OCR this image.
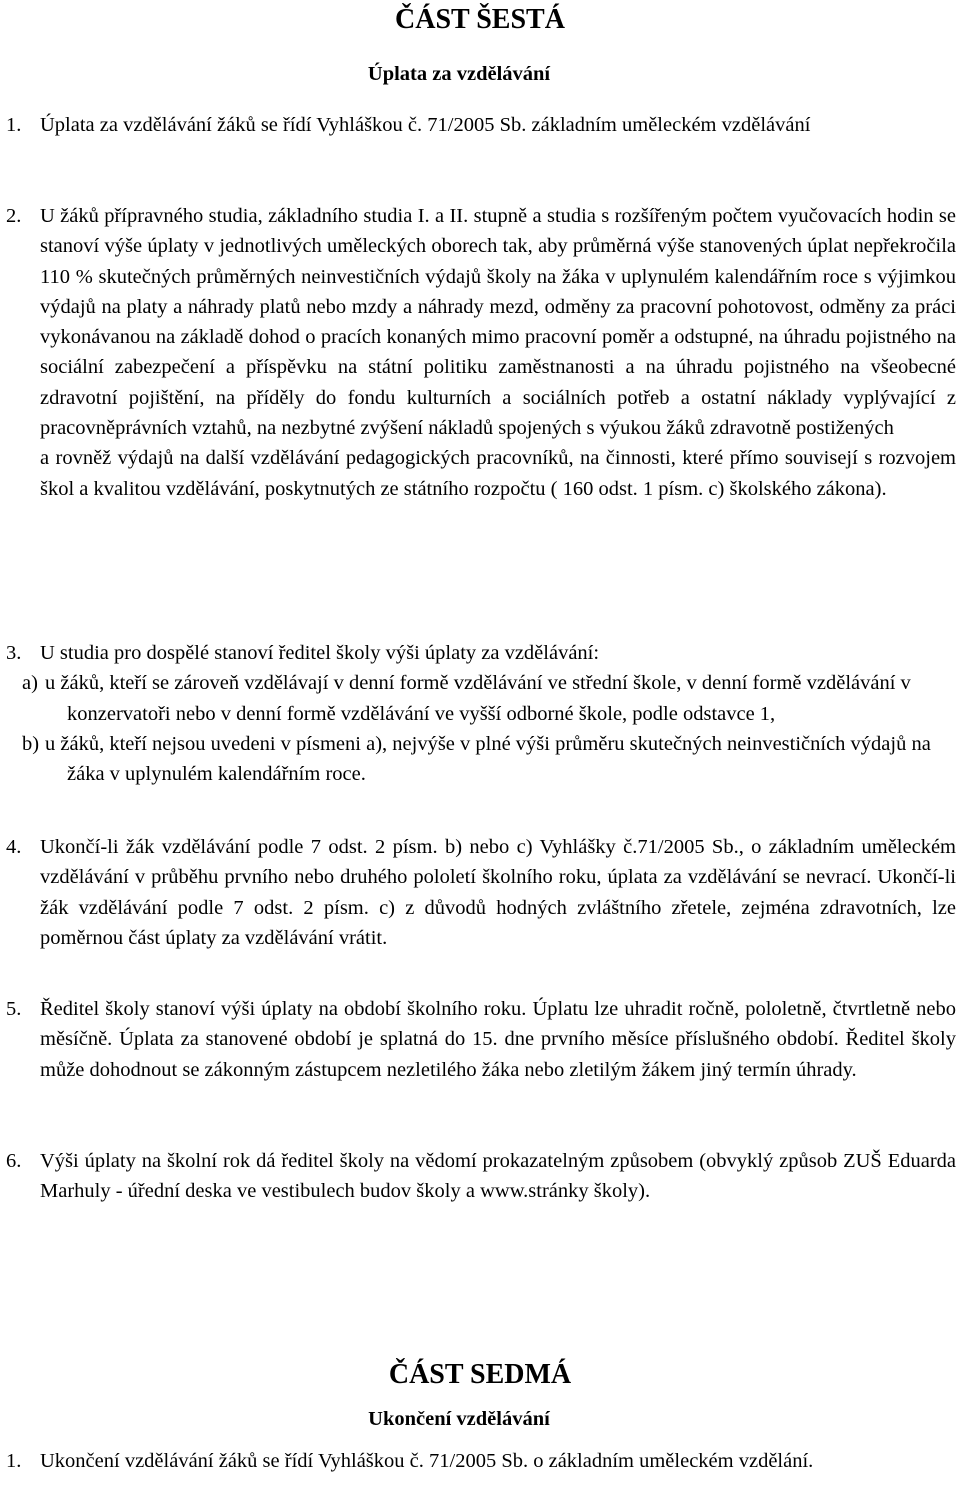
ČÁST ŠESTÁ
Úplata za vzdělávání
1. Úplata za vzdělávání žáků se řídí Vyhláškou č. 71/2005 Sb. základním uměleckém vzdělávání

2. U žáků přípravného studia, základního studia I. a II. stupně a studia s rozšířeným počtem vyučovacích hodin se stanoví výše úplaty v jednotlivých uměleckých oborech tak, aby průměrná výše stanovených úplat nepřekročila 110 % skutečných průměrných neinvestičních výdajů školy na žáka v uplynulém kalendářním roce s výjimkou výdajů na platy a náhrady platů nebo mzdy a náhrady mezd, odměny za pracovní pohotovost, odměny za práci vykonávanou na základě dohod o pracích konaných mimo pracovní poměr a odstupné, na úhradu pojistného na sociální zabezpečení a příspěvku na státní politiku zaměstnanosti a na úhradu pojistného na všeobecné zdravotní pojištění, na příděly do fondu kulturních a sociálních potřeb a ostatní náklady vyplývající z pracovněprávních vztahů, na nezbytné zvýšení nákladů spojených s výukou žáků zdravotně postižených

a rovněž výdajů na další vzdělávání pedagogických pracovníků, na činnosti, které přímo souvisejí s rozvojem škol a kvalitou vzdělávání, poskytnutých ze státního rozpočtu ( 160 odst. 1 písm. c) školského zákona).

3. U studia pro dospělé stanoví ředitel školy výši úplaty za vzdělávání:

a) u žáků, kteří se zároveň vzdělávají v denní formě vzdělávání ve střední škole, v denní formě vzdělávání v konzervatoři nebo v denní formě vzdělávání ve vyšší odborné škole, podle odstavce 1,

b) u žáků, kteří nejsou uvedeni v písmeni a), nejvýše v plné výši průměru skutečných neinvestičních výdajů na žáka v uplynulém kalendářním roce.

4. Ukončí-li žák vzdělávání podle 7 odst. 2 písm. b) nebo c) Vyhlášky č.71/2005 Sb., o základním uměleckém vzdělávání v průběhu prvního nebo druhého pololetí školního roku, úplata za vzdělávání se nevrací. Ukončí-li žák vzdělávání podle 7 odst. 2 písm. c) z důvodů hodných zvláštního zřetele, zejména zdravotních, lze poměrnou část úplaty za vzdělávání vrátit.

5. Ředitel školy stanoví výši úplaty na období školního roku. Úplatu lze uhradit ročně, pololetně, čtvrtletně nebo měsíčně. Úplata za stanovené období je splatná do 15. dne prvního měsíce příslušného období. Ředitel školy může dohodnout se zákonným zástupcem nezletilého žáka nebo zletilým žákem jiný termín úhrady.

6. Výši úplaty na školní rok dá ředitel školy na vědomí prokazatelným způsobem (obvyklý způsob ZUŠ Eduarda Marhuly - úřední deska ve vestibulech budov školy a www.stránky školy).

ČÁST SEDMÁ
Ukončení vzdělávání
1. Ukončení vzdělávání žáků se řídí Vyhláškou č. 71/2005 Sb. o základním uměleckém vzdělání.
